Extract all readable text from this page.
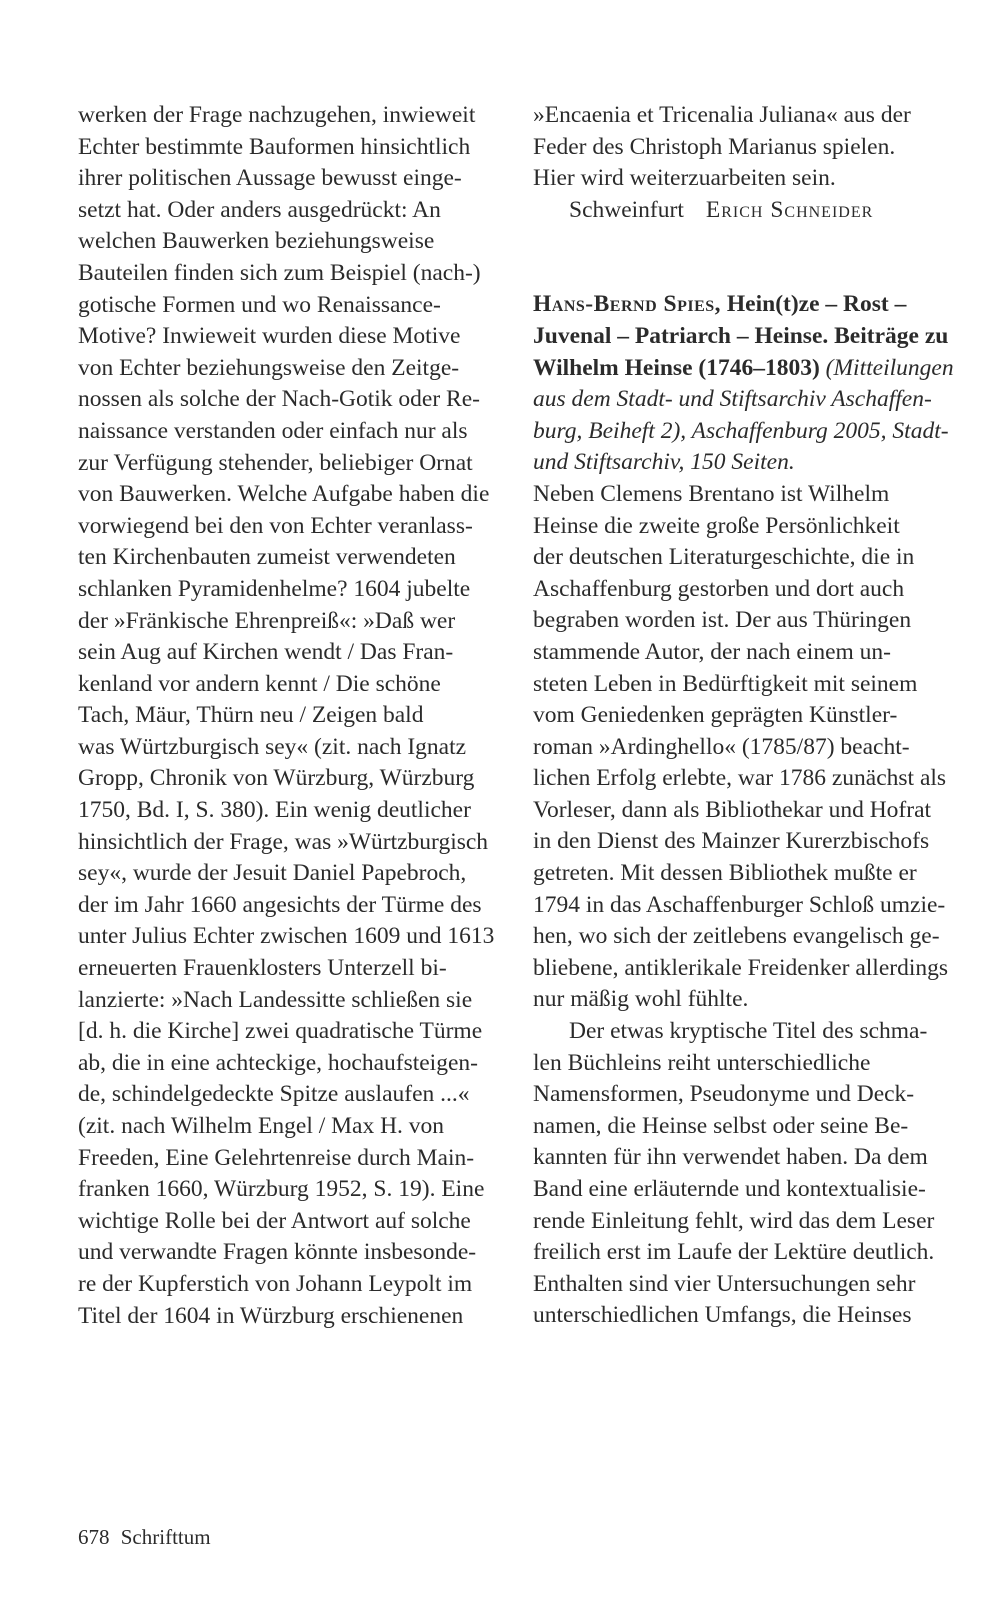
werken der Frage nachzugehen, inwieweit
Echter bestimmte Bauformen hinsichtlich
ihrer politischen Aussage bewusst einge-
setzt hat. Oder anders ausgedrückt: An
welchen Bauwerken beziehungsweise
Bauteilen finden sich zum Beispiel (nach-)
gotische Formen und wo Renaissance-
Motive? Inwieweit wurden diese Motive
von Echter beziehungsweise den Zeitge-
nossen als solche der Nach-Gotik oder Re-
naissance verstanden oder einfach nur als
zur Verfügung stehender, beliebiger Ornat
von Bauwerken. Welche Aufgabe haben die
vorwiegend bei den von Echter veranlass-
ten Kirchenbauten zumeist verwendeten
schlanken Pyramidenhelme? 1604 jubelte
der »Fränkische Ehrenpreiß«: »Daß wer
sein Aug auf Kirchen wendt / Das Fran-
kenland vor andern kennt / Die schöne
Tach, Mäur, Thürn neu / Zeigen bald
was Würtzburgisch sey« (zit. nach Ignatz
Gropp, Chronik von Würzburg, Würzburg
1750, Bd. I, S. 380). Ein wenig deutlicher
hinsichtlich der Frage, was »Würtzburgisch
sey«, wurde der Jesuit Daniel Papebroch,
der im Jahr 1660 angesichts der Türme des
unter Julius Echter zwischen 1609 und 1613
erneuerten Frauenklosters Unterzell bi-
lanzierte: »Nach Landessitte schließen sie
[d. h. die Kirche] zwei quadratische Türme
ab, die in eine achteckige, hochaufsteigen-
de, schindelgedeckte Spitze auslaufen ...«
(zit. nach Wilhelm Engel / Max H. von
Freeden, Eine Gelehrtenreise durch Main-
franken 1660, Würzburg 1952, S. 19). Eine
wichtige Rolle bei der Antwort auf solche
und verwandte Fragen könnte insbesonde-
re der Kupferstich von Johann Leypolt im
Titel der 1604 in Würzburg erschienenen
»Encaenia et Tricenalia Juliana« aus der
Feder des Christoph Marianus spielen.
Hier wird weiterzuarbeiten sein.
Schweinfurt Erich Schneider
Hans-Bernd Spies, Hein(t)ze – Rost –
Juvenal – Patriarch – Heinse. Beiträge zu
Wilhelm Heinse (1746–1803) (Mitteilungen
aus dem Stadt- und Stiftsarchiv Aschaffen-
burg, Beiheft 2), Aschaffenburg 2005, Stadt-
und Stiftsarchiv, 150 Seiten.
Neben Clemens Brentano ist Wilhelm
Heinse die zweite große Persönlichkeit
der deutschen Literaturgeschichte, die in
Aschaffenburg gestorben und dort auch
begraben worden ist. Der aus Thüringen
stammende Autor, der nach einem un-
steten Leben in Bedürftigkeit mit seinem
vom Geniedenken geprägten Künstler-
roman »Ardinghello« (1785/87) beacht-
lichen Erfolg erlebte, war 1786 zunächst als
Vorleser, dann als Bibliothekar und Hofrat
in den Dienst des Mainzer Kurerzbischofs
getreten. Mit dessen Bibliothek mußte er
1794 in das Aschaffenburger Schloß umzie-
hen, wo sich der zeitlebens evangelisch ge-
bliebene, antiklerikale Freidenker allerdings
nur mäßig wohl fühlte.
Der etwas kryptische Titel des schma-
len Büchleins reiht unterschiedliche
Namensformen, Pseudonyme und Deck-
namen, die Heinse selbst oder seine Be-
kannten für ihn verwendet haben. Da dem
Band eine erläuternde und kontextualisie-
rende Einleitung fehlt, wird das dem Leser
freilich erst im Laufe der Lektüre deutlich.
Enthalten sind vier Untersuchungen sehr
unterschiedlichen Umfangs, die Heinses
678 Schrifttum
